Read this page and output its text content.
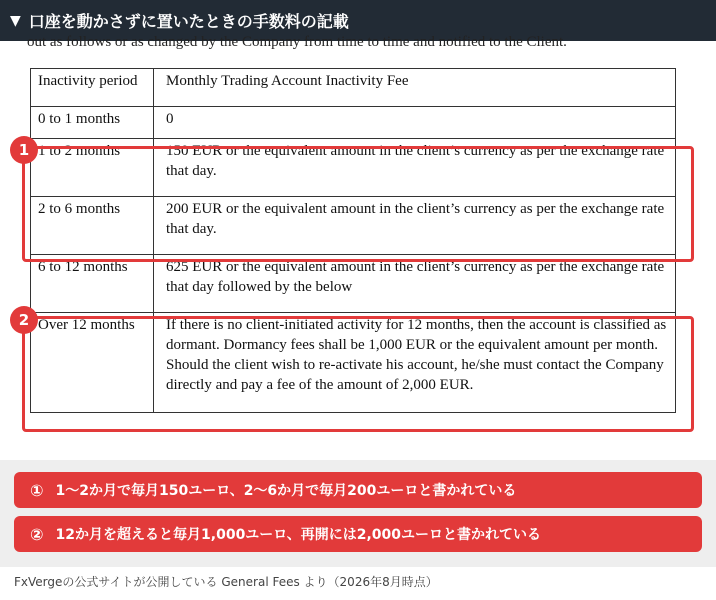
▼ 口座を動かさずに置いたときの手数料の記載
out as follows or as changed by the Company from time to time and notified to the Client.
Inactivity period	Monthly Trading Account Inactivity Fee
0 to 1 months	0
1 to 2 months	150 EUR or the equivalent amount in the client’s currency as per the exchange rate that day.
2 to 6 months	200 EUR or the equivalent amount in the client’s currency as per the exchange rate that day.
6 to 12 months	625 EUR or the equivalent amount in the client’s currency as per the exchange rate that day followed by the below
Over 12 months	If there is no client-initiated activity for 12 months, then the account is classified as dormant. Dormancy fees shall be 1,000 EUR or the equivalent amount per month. Should the client wish to re-activate his account, he/she must contact the Company directly and pay a fee of the amount of 2,000 EUR.
1
2
① 1〜2か月で毎月150ユーロ、2〜6か月で毎月200ユーロと書かれている
② 12か月を超えると毎月1,000ユーロ、再開には2,000ユーロと書かれている
FxVergeの公式サイトが公開している General Fees より（2026年8月時点）
